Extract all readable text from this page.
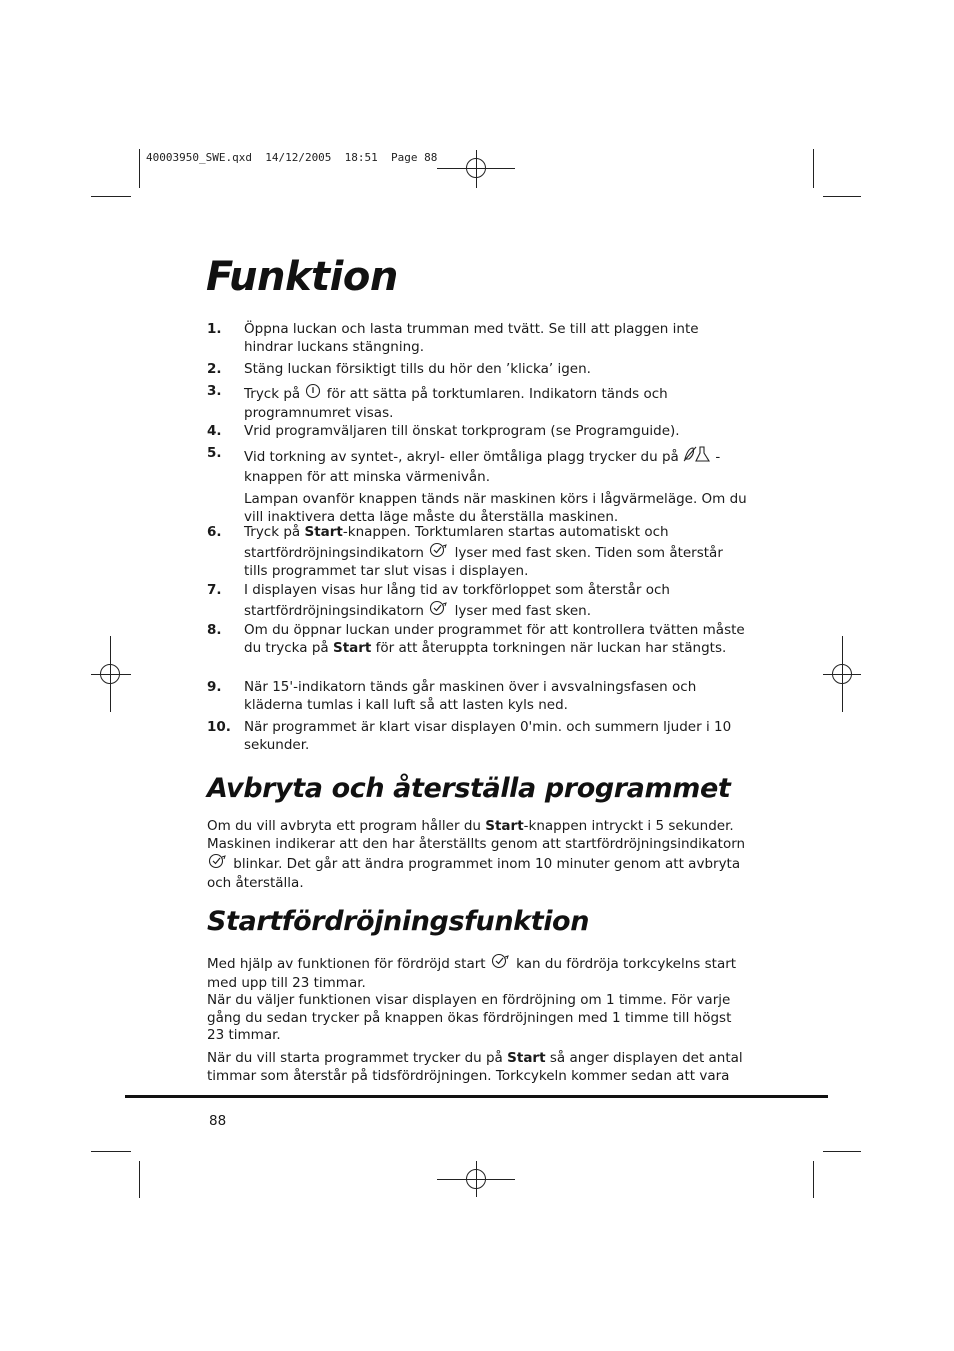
40003950_SWE.qxd  14/12/2005  18:51  Page 88
Funktion
1. Öppna luckan och lasta trumman med tvätt. Se till att plaggen inte hindrar luckans stängning.
2. Stäng luckan försiktigt tills du hör den ’klicka’ igen.
3. Tryck på för att sätta på torktumlaren. Indikatorn tänds och programnumret visas.
4. Vrid programväljaren till önskat torkprogram (se Programguide).
5. Vid torkning av syntet-, akryl- eller ömtåliga plagg trycker du på	- knappen för att minska värmenivån.
Lampan ovanför knappen tänds när maskinen körs i lågvärmeläge. Om du vill inaktivera detta läge måste du återställa maskinen.
6. Tryck på Start-knappen. Torktumlaren startas automatiskt och startfördröjningsindikatorn lyser med fast sken. Tiden som återstår tills programmet tar slut visas i displayen.
7. I displayen visas hur lång tid av torkförloppet som återstår och startfördröjningsindikatorn lyser med fast sken.
8. Om du öppnar luckan under programmet för att kontrollera tvätten måste du trycka på Start för att återuppta torkningen när luckan har stängts.
9. När 15'-indikatorn tänds går maskinen över i avsvalningsfasen och kläderna tumlas i kall luft så att lasten kyls ned.
10. När programmet är klart visar displayen 0'min. och summern ljuder i 10 sekunder.
Avbryta och återställa programmet
Om du vill avbryta ett program håller du Start-knappen intryckt i 5 sekunder. Maskinen indikerar att den har återställts genom att startfördröjningsindikatorn  blinkar. Det går att ändra programmet inom 10 minuter genom att avbryta och återställa.
Startfördröjningsfunktion
Med hjälp av funktionen för fördröjd start kan du fördröja torkcykelns start med upp till 23 timmar.
När du väljer funktionen visar displayen en fördröjning om 1 timme. För varje gång du sedan trycker på knappen ökas fördröjningen med 1 timme till högst 23 timmar.
När du vill starta programmet trycker du på Start så anger displayen det antal timmar som återstår på tidsfördröjningen. Torkcykeln kommer sedan att vara
88
